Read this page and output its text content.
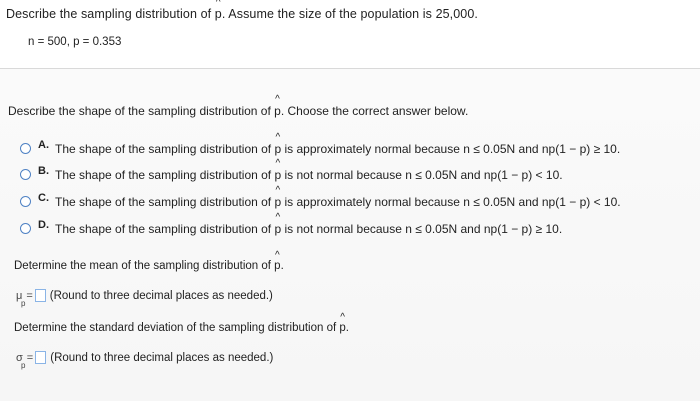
Describe the sampling distribution of ^ p. Assume the size of the population is 25,000.
n = 500, p = 0.353
Describe the shape of the sampling distribution of ^ p. Choose the correct answer below.
A. The shape of the sampling distribution of ^ p is approximately normal because n ≤ 0.05N and np(1 − p) ≥ 10.
B. The shape of the sampling distribution of ^ p is not normal because n ≤ 0.05N and np(1 − p) < 10.
C. The shape of the sampling distribution of ^ p is approximately normal because n ≤ 0.05N and np(1 − p) < 10.
D. The shape of the sampling distribution of ^ p is not normal because n ≤ 0.05N and np(1 − p) ≥ 10.
Determine the mean of the sampling distribution of ^ p.
μ
p
= (Round to three decimal places as needed.)
Determine the standard deviation of the sampling distribution of ^ p.
σ
p
= (Round to three decimal places as needed.)
